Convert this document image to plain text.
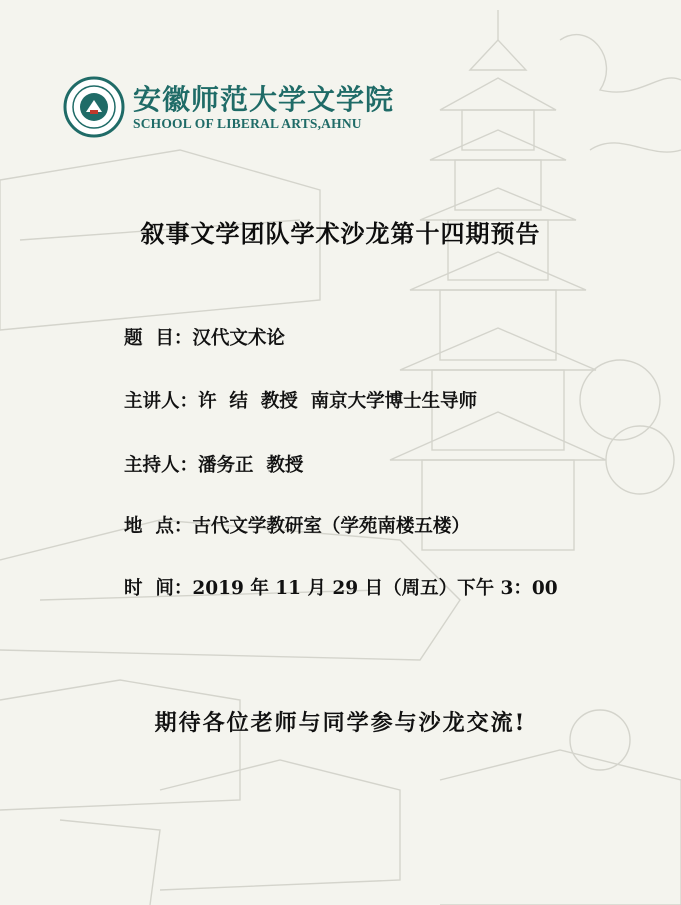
安徽师范大学文学院
SCHOOL OF LIBERAL ARTS,AHNU
叙事文学团队学术沙龙第十四期预告
题  目：汉代文术论
主讲人：许  结  教授  南京大学博士生导师
主持人：潘务正  教授
地  点：古代文学教研室（学苑南楼五楼）
时  间：2019 年 11 月 29 日（周五）下午 3：00
期待各位老师与同学参与沙龙交流!
